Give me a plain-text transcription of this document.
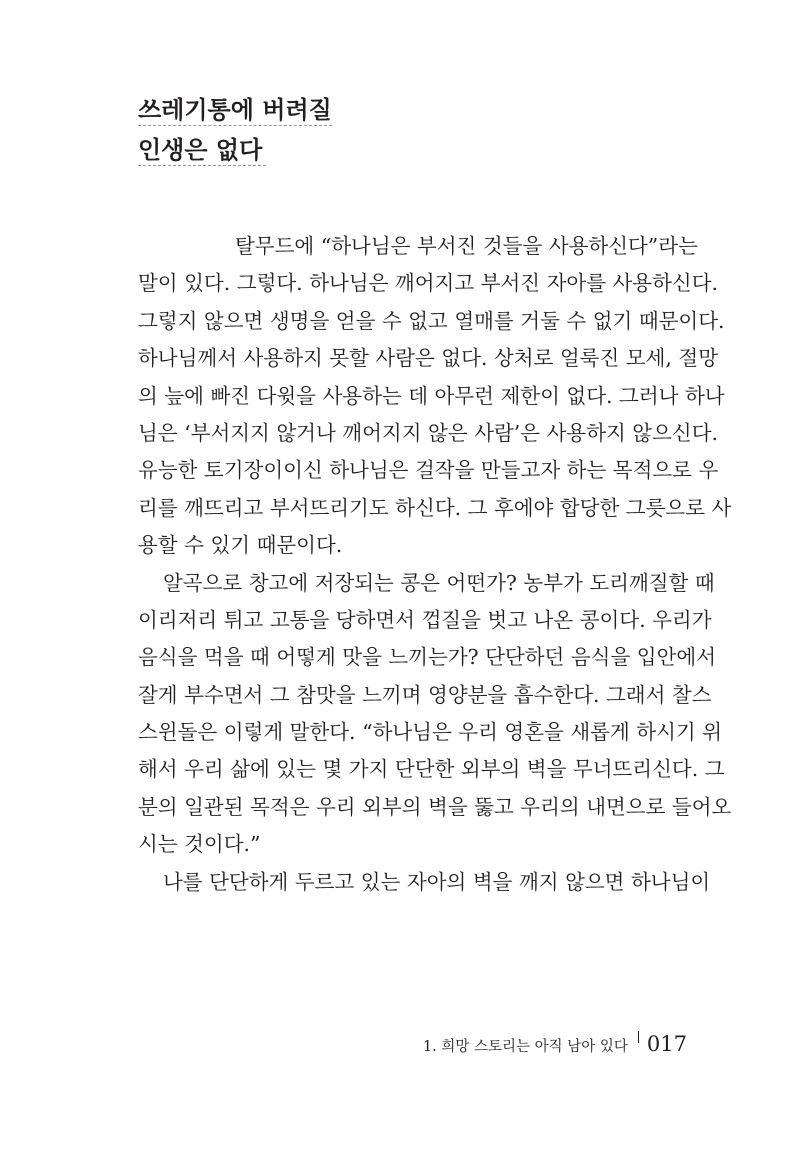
쓰레기통에 버려질
인생은 없다
탈무드에 “하나님은 부서진 것들을 사용하신다”라는
말이 있다. 그렇다. 하나님은 깨어지고 부서진 자아를 사용하신다.
그렇지 않으면 생명을 얻을 수 없고 열매를 거둘 수 없기 때문이다.
하나님께서 사용하지 못할 사람은 없다. 상처로 얼룩진 모세, 절망
의 늪에 빠진 다윗을 사용하는 데 아무런 제한이 없다. 그러나 하나
님은 ‘부서지지 않거나 깨어지지 않은 사람’은 사용하지 않으신다.
유능한 토기장이이신 하나님은 걸작을 만들고자 하는 목적으로 우
리를 깨뜨리고 부서뜨리기도 하신다. 그 후에야 합당한 그릇으로 사
용할 수 있기 때문이다.
알곡으로 창고에 저장되는 콩은 어떤가? 농부가 도리깨질할 때
이리저리 튀고 고통을 당하면서 껍질을 벗고 나온 콩이다. 우리가
음식을 먹을 때 어떻게 맛을 느끼는가? 단단하던 음식을 입안에서
잘게 부수면서 그 참맛을 느끼며 영양분을 흡수한다. 그래서 찰스
스윈돌은 이렇게 말한다. “하나님은 우리 영혼을 새롭게 하시기 위
해서 우리 삶에 있는 몇 가지 단단한 외부의 벽을 무너뜨리신다. 그
분의 일관된 목적은 우리 외부의 벽을 뚫고 우리의 내면으로 들어오
시는 것이다.”
나를 단단하게 두르고 있는 자아의 벽을 깨지 않으면 하나님이
1. 희망 스토리는 아직 남아 있다 017
